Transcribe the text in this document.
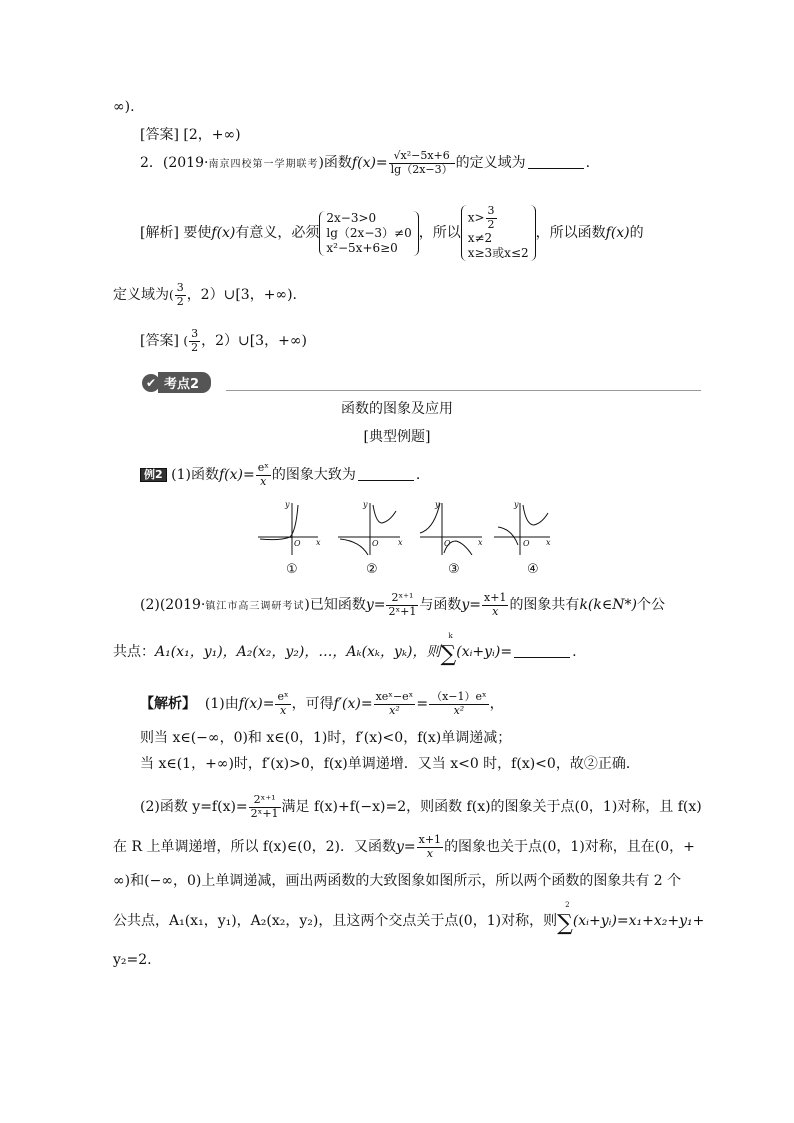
∞).
[答案] [2，+∞)
2．(2019·南京四校第一学期联考)函数$f(x)= \frac{\text{√x²−5x+6}}{\lg(2x-3)}$ 的定义域为	.
[解析] 要使f(x)有意义，必须
2x−3>0
lg（2x−3）≠0
x²−5x+6≥0
，所以
$x> \frac{3}{2}$
x≠2
x≥3或x≤2
，所以函数f(x)的
定义域为( $\frac{3}{2}$ ，2）∪[3，+∞).
[答案] ( $\frac{3}{2}$ ，2）∪[3，+∞)
✔ 考点2
函数的图象及应用
[典型例题]
例2 (1)函数$f(x)= \frac{\text{eˣ}}{x}$ 的图象大致为	.
y
x
O
y
x
O
y
x
O
y
x
O
①	②	③	④
(2)(2019·镇江市高三调研考试)已知函数$y= \frac{\text{2ˣ⁺¹}}{\text{2ˣ+1}}$ 与函数$y= \frac{x+1}{x}$ 的图象共有k(k∈N*)个公
共点：A₁(x₁，y₁)，A₂(x₂，y₂)，…，Aₖ(xₖ，yₖ)，则∑
k
(xᵢ+yᵢ)=	.
【解析】 (1)由$f(x)= \frac{\text{eˣ}}{x}$ ，可得$f'(x)= \frac{\text{xeˣ−eˣ}}{\text{x²}} = \frac{\text{（x−1）eˣ}}{\text{x²}}$ ，
则当 x∈(−∞，0)和 x∈(0，1)时，f′(x)<0，f(x)单调递减；
当 x∈(1，+∞)时，f′(x)>0，f(x)单调递增．又当 x<0 时，f(x)<0，故②正确．
(2)函数 $y=f(x)= \frac{\text{2ˣ⁺¹}}{\text{2ˣ+1}}$ 满足 f(x)+f(−x)=2，则函数 f(x)的图象关于点(0，1)对称，且 f(x)
在 R 上单调递增，所以 f(x)∈(0，2)．又函数$y= \frac{x+1}{x}$ 的图象也关于点(0，1)对称，且在(0，+
∞)和(−∞，0)上单调递减，画出两函数的大致图象如图所示，所以两个函数的图象共有 2 个
公共点，A₁(x₁，y₁)，A₂(x₂，y₂)，且这两个交点关于点(0，1)对称，则∑
2
(xᵢ+yᵢ)=x₁+x₂+y₁+
y₂=2.
